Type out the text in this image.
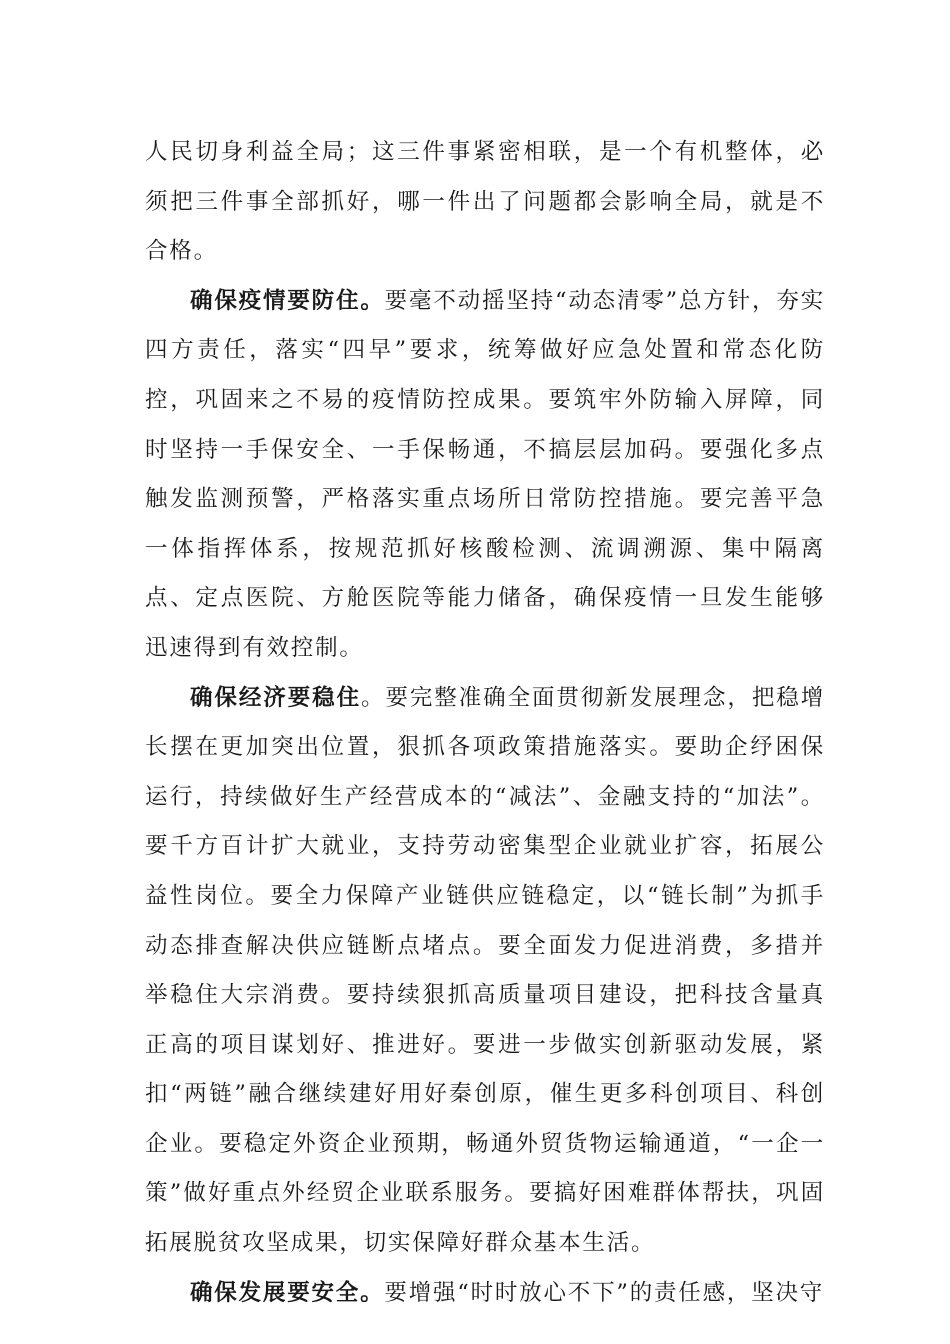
人民切身利益全局；这三件事紧密相联，是一个有机整体，必须把三件事全部抓好，哪一件出了问题都会影响全局，就是不合格。

确保疫情要防住。要毫不动摇坚持“动态清零”总方针，夯实四方责任，落实“四早”要求，统筹做好应急处置和常态化防控，巩固来之不易的疫情防控成果。要筑牢外防输入屏障，同时坚持一手保安全、一手保畅通，不搞层层加码。要强化多点触发监测预警，严格落实重点场所日常防控措施。要完善平急一体指挥体系，按规范抓好核酸检测、流调溯源、集中隔离点、定点医院、方舱医院等能力储备，确保疫情一旦发生能够迅速得到有效控制。

确保经济要稳住。要完整准确全面贯彻新发展理念，把稳增长摆在更加突出位置，狠抓各项政策措施落实。要助企纾困保运行，持续做好生产经营成本的“减法”、金融支持的“加法”。要千方百计扩大就业，支持劳动密集型企业就业扩容，拓展公益性岗位。要全力保障产业链供应链稳定，以“链长制”为抓手动态排查解决供应链断点堵点。要全面发力促进消费，多措并举稳住大宗消费。要持续狠抓高质量项目建设，把科技含量真正高的项目谋划好、推进好。要进一步做实创新驱动发展，紧扣“两链”融合继续建好用好秦创原，催生更多科创项目、科创企业。要稳定外资企业预期，畅通外贸货物运输通道，“一企一策”做好重点外经贸企业联系服务。要搞好困难群体帮扶，巩固拓展脱贫攻坚成果，切实保障好群众基本生活。

确保发展要安全。要增强“时时放心不下”的责任感，坚决守
